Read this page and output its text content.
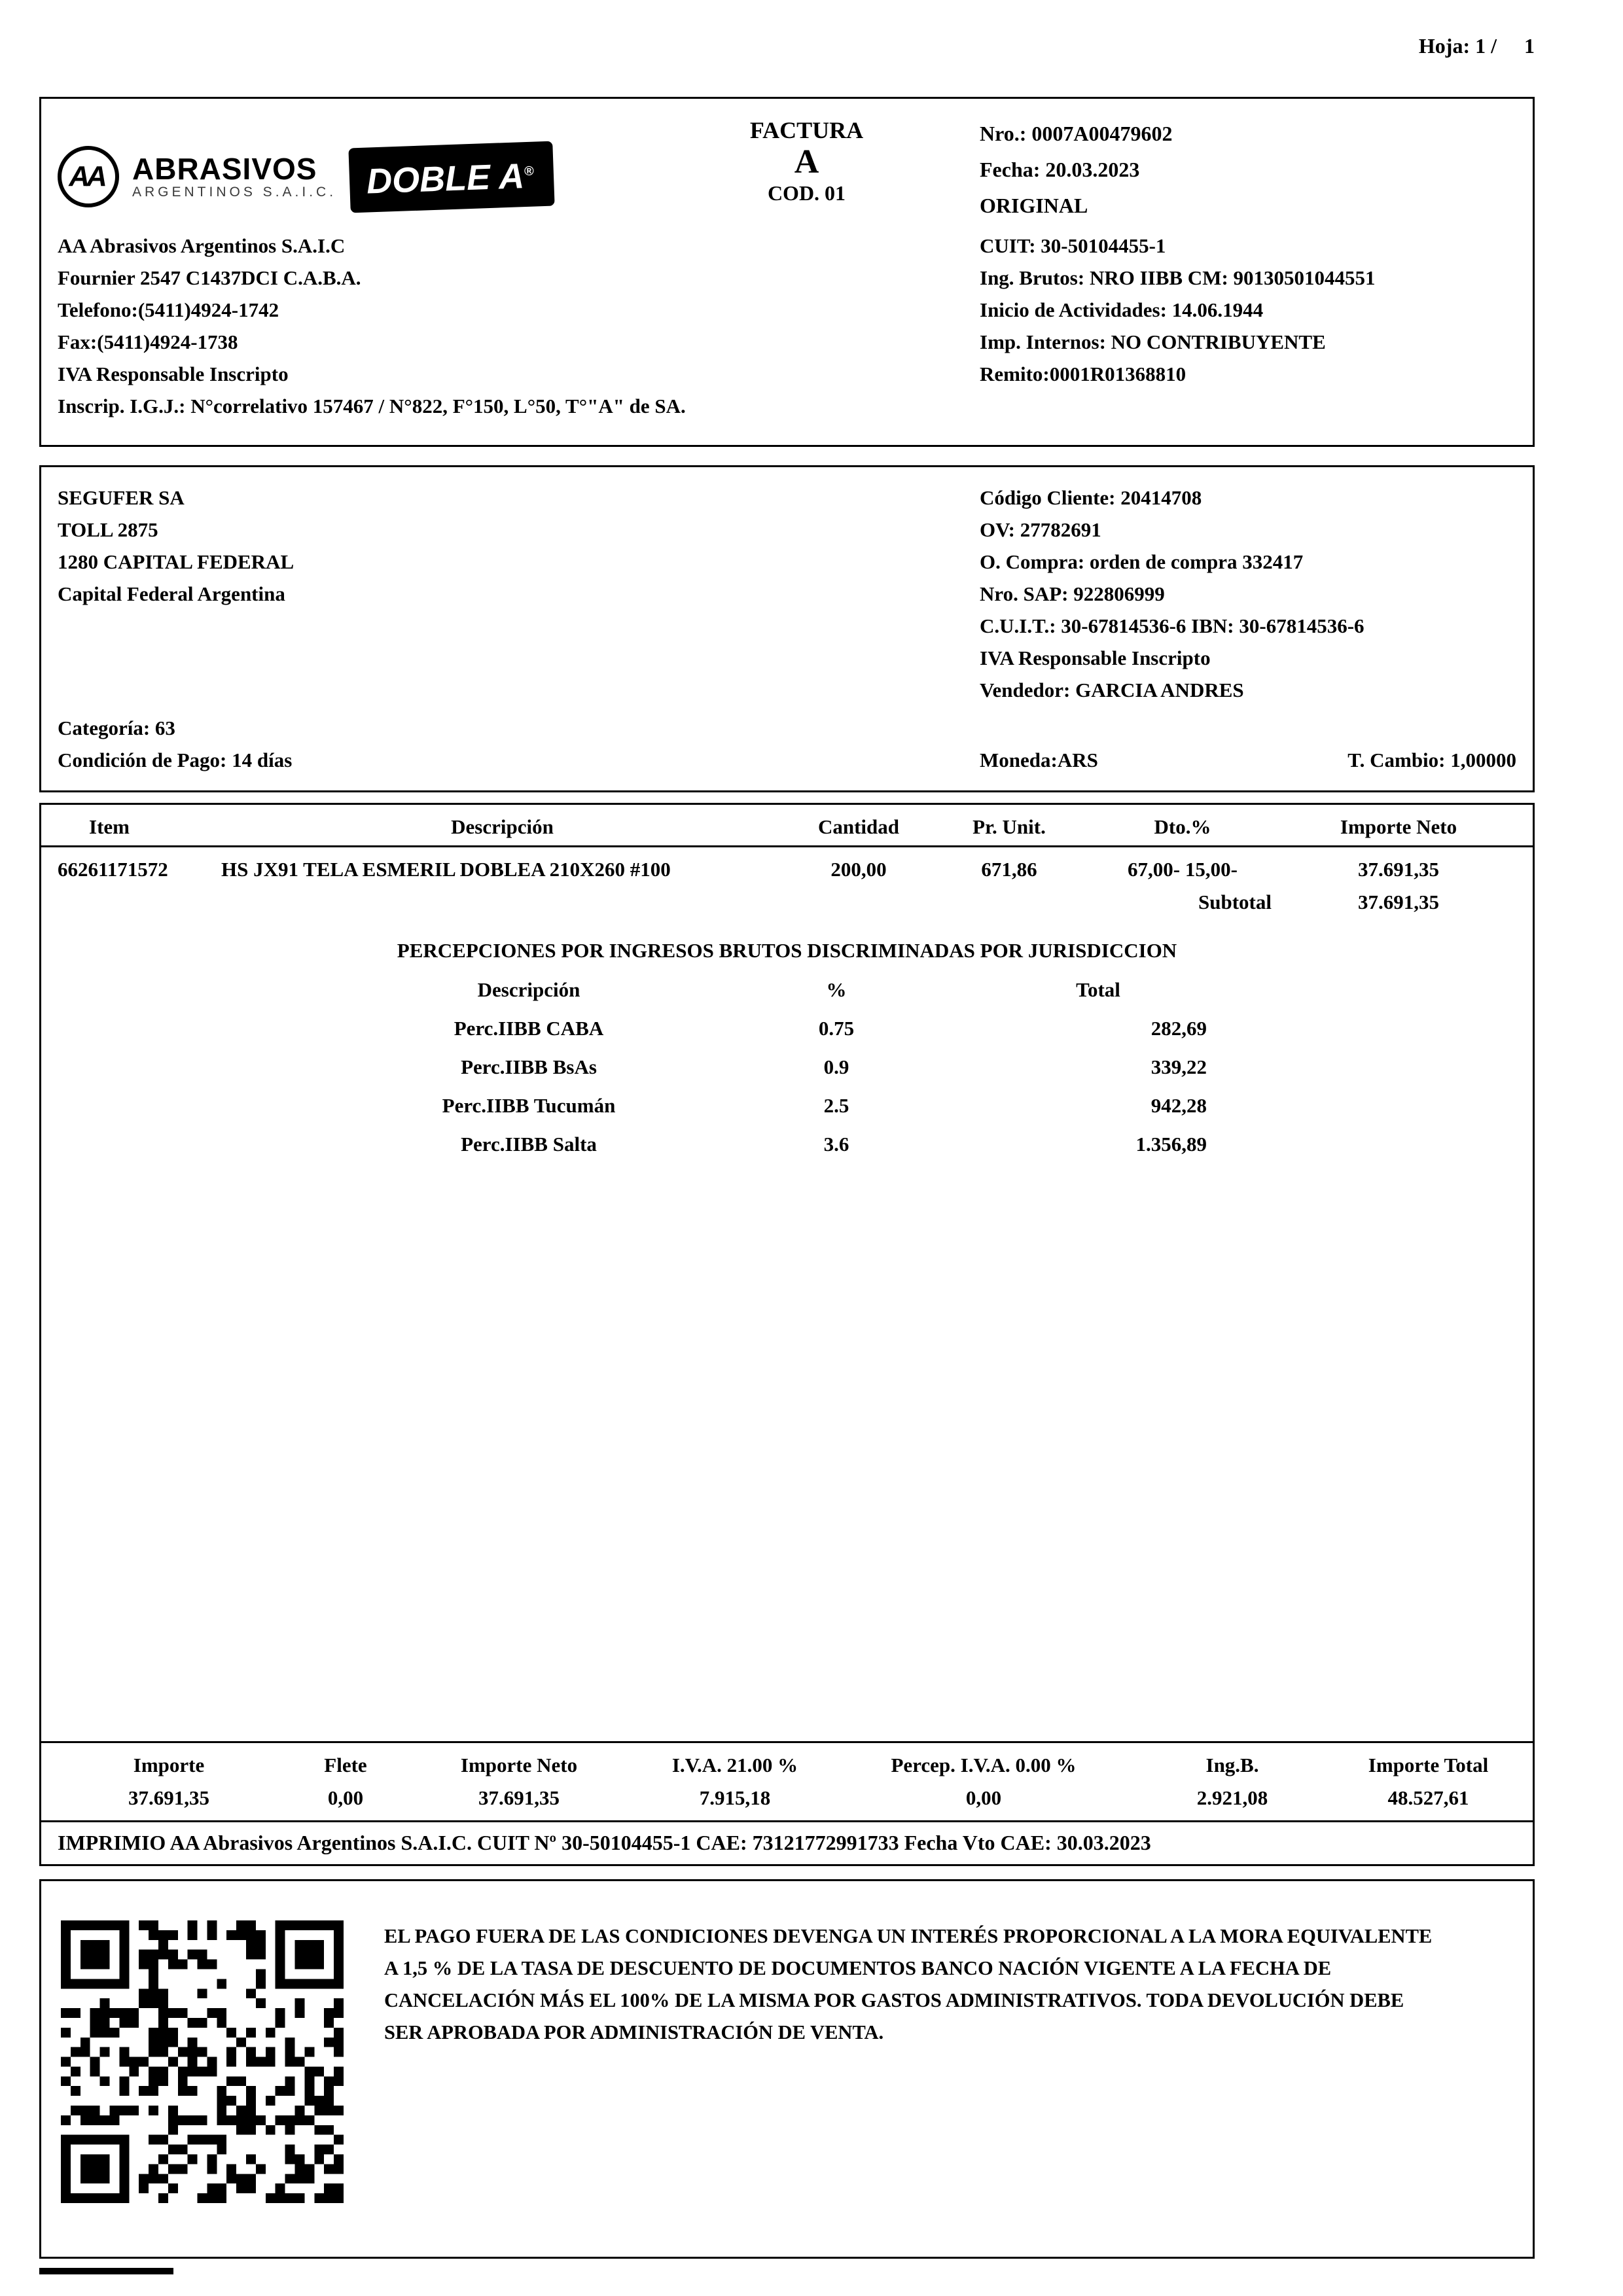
Hoja: 1 / 1
AA ABRASIVOS
ARGENTINOS S.A.I.C. DOBLE A®
FACTURA
A
COD. 01
Nro.: 0007A00479602
Fecha: 20.03.2023
ORIGINAL
AA Abrasivos Argentinos S.A.I.C
Fournier 2547 C1437DCI C.A.B.A.
Telefono:(5411)4924-1742
Fax:(5411)4924-1738
IVA Responsable Inscripto
Inscrip. I.G.J.: N°correlativo 157467 / N°822, F°150, L°50, T°"A" de SA.
CUIT: 30-50104455-1
Ing. Brutos: NRO IIBB CM: 90130501044551
Inicio de Actividades: 14.06.1944
Imp. Internos: NO CONTRIBUYENTE
Remito:0001R01368810
SEGUFER SA
TOLL 2875
1280 CAPITAL FEDERAL
Capital Federal Argentina
Categoría: 63
Condición de Pago: 14 días
Código Cliente: 20414708
OV: 27782691
O. Compra: orden de compra 332417
Nro. SAP: 922806999
C.U.I.T.: 30-67814536-6 IBN: 30-67814536-6
IVA Responsable Inscripto
Vendedor: GARCIA ANDRES
Moneda:ARS	T. Cambio: 1,00000
Item	Descripción	Cantidad	Pr. Unit.	Dto.%	Importe Neto
66261171572	HS JX91 TELA ESMERIL DOBLEA 210X260 #100	200,00	671,86	67,00- 15,00-	37.691,35
Subtotal	37.691,35
PERCEPCIONES POR INGRESOS BRUTOS DISCRIMINADAS POR JURISDICCION
Descripción	%	Total
Perc.IIBB CABA	0.75	282,69
Perc.IIBB BsAs	0.9	339,22
Perc.IIBB Tucumán	2.5	942,28
Perc.IIBB Salta	3.6	1.356,89
Importe	Flete	Importe Neto	I.V.A. 21.00 %	Percep. I.V.A. 0.00 %	Ing.B.	Importe Total
37.691,35	0,00	37.691,35	7.915,18	0,00	2.921,08	48.527,61
IMPRIMIO AA Abrasivos Argentinos S.A.I.C. CUIT Nº 30-50104455-1 CAE: 73121772991733 Fecha Vto CAE: 30.03.2023
EL PAGO FUERA DE LAS CONDICIONES DEVENGA UN INTERÉS PROPORCIONAL A LA MORA EQUIVALENTE A 1,5 % DE LA TASA DE DESCUENTO DE DOCUMENTOS BANCO NACIÓN VIGENTE A LA FECHA DE CANCELACIÓN MÁS EL 100% DE LA MISMA POR GASTOS ADMINISTRATIVOS. TODA DEVOLUCIÓN DEBE SER APROBADA POR ADMINISTRACIÓN DE VENTA.
